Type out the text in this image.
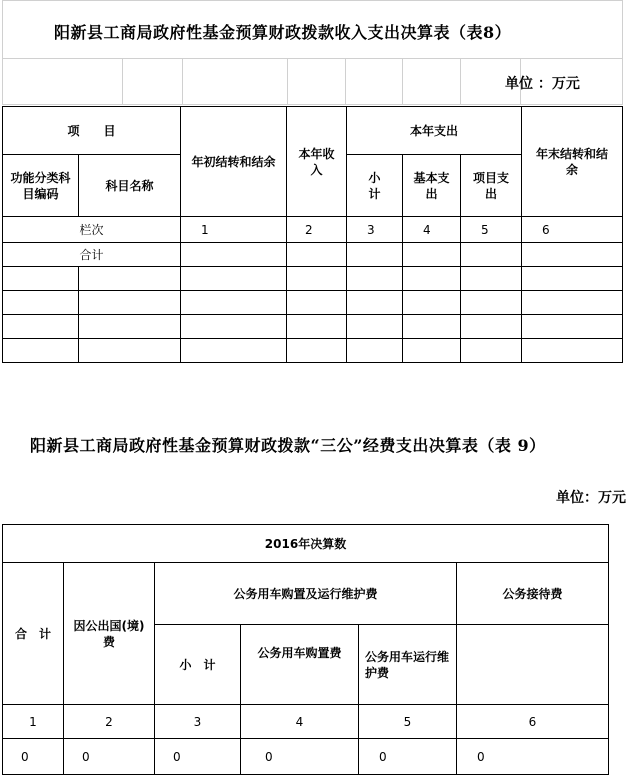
阳新县工商局政府性基金预算财政拨款收入支出决算表（表8）
单位 ：万元
项　　目		年初结转和结余	本年收入	本年支出			年末结转和结余
功能分类科目编码	科目名称			小计	基本支出	项目支出	
栏次		1	2	3	4	5	6
合计							

阳新县工商局政府性基金预算财政拨款“三公”经费支出决算表（表 9）
单位：万元
2016年决算数					
合　计	因公出国(境)费	公务用车购置及运行维护费			公务接待费
		小　计	公务用车购置费	公务用车运行维护费	
1	2	3	4	5	6
0	0	0	0	0	0
